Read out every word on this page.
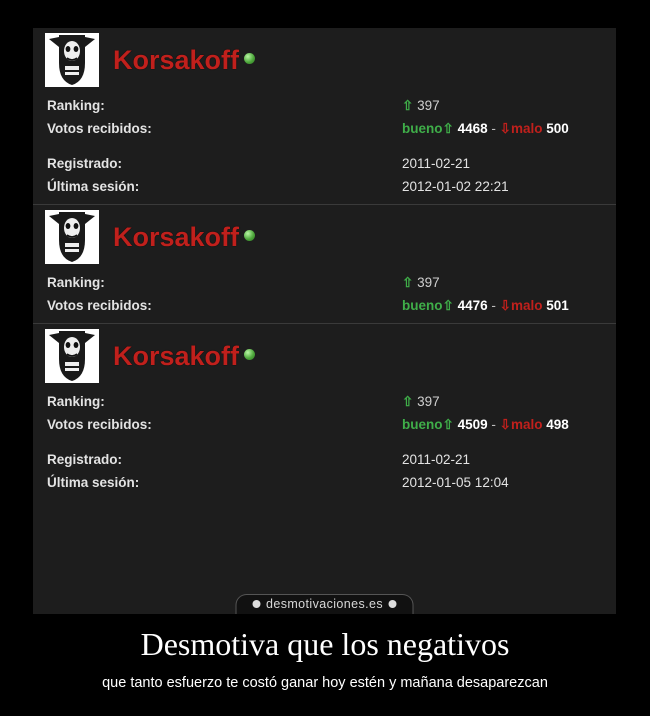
Korsakoff
Ranking:	⇧ 397
Votos recibidos:	bueno⇧ 4468 - ⇩malo 500
Registrado:	2011-02-21
Última sesión:	2012-01-02 22:21
Korsakoff
Ranking:	⇧ 397
Votos recibidos:	bueno⇧ 4476 - ⇩malo 501
Korsakoff
Ranking:	⇧ 397
Votos recibidos:	bueno⇧ 4509 - ⇩malo 498
Registrado:	2011-02-21
Última sesión:	2012-01-05 12:04
desmotivaciones.es
Desmotiva que los negativos
que tanto esfuerzo te costó ganar hoy estén y mañana desaparezcan
